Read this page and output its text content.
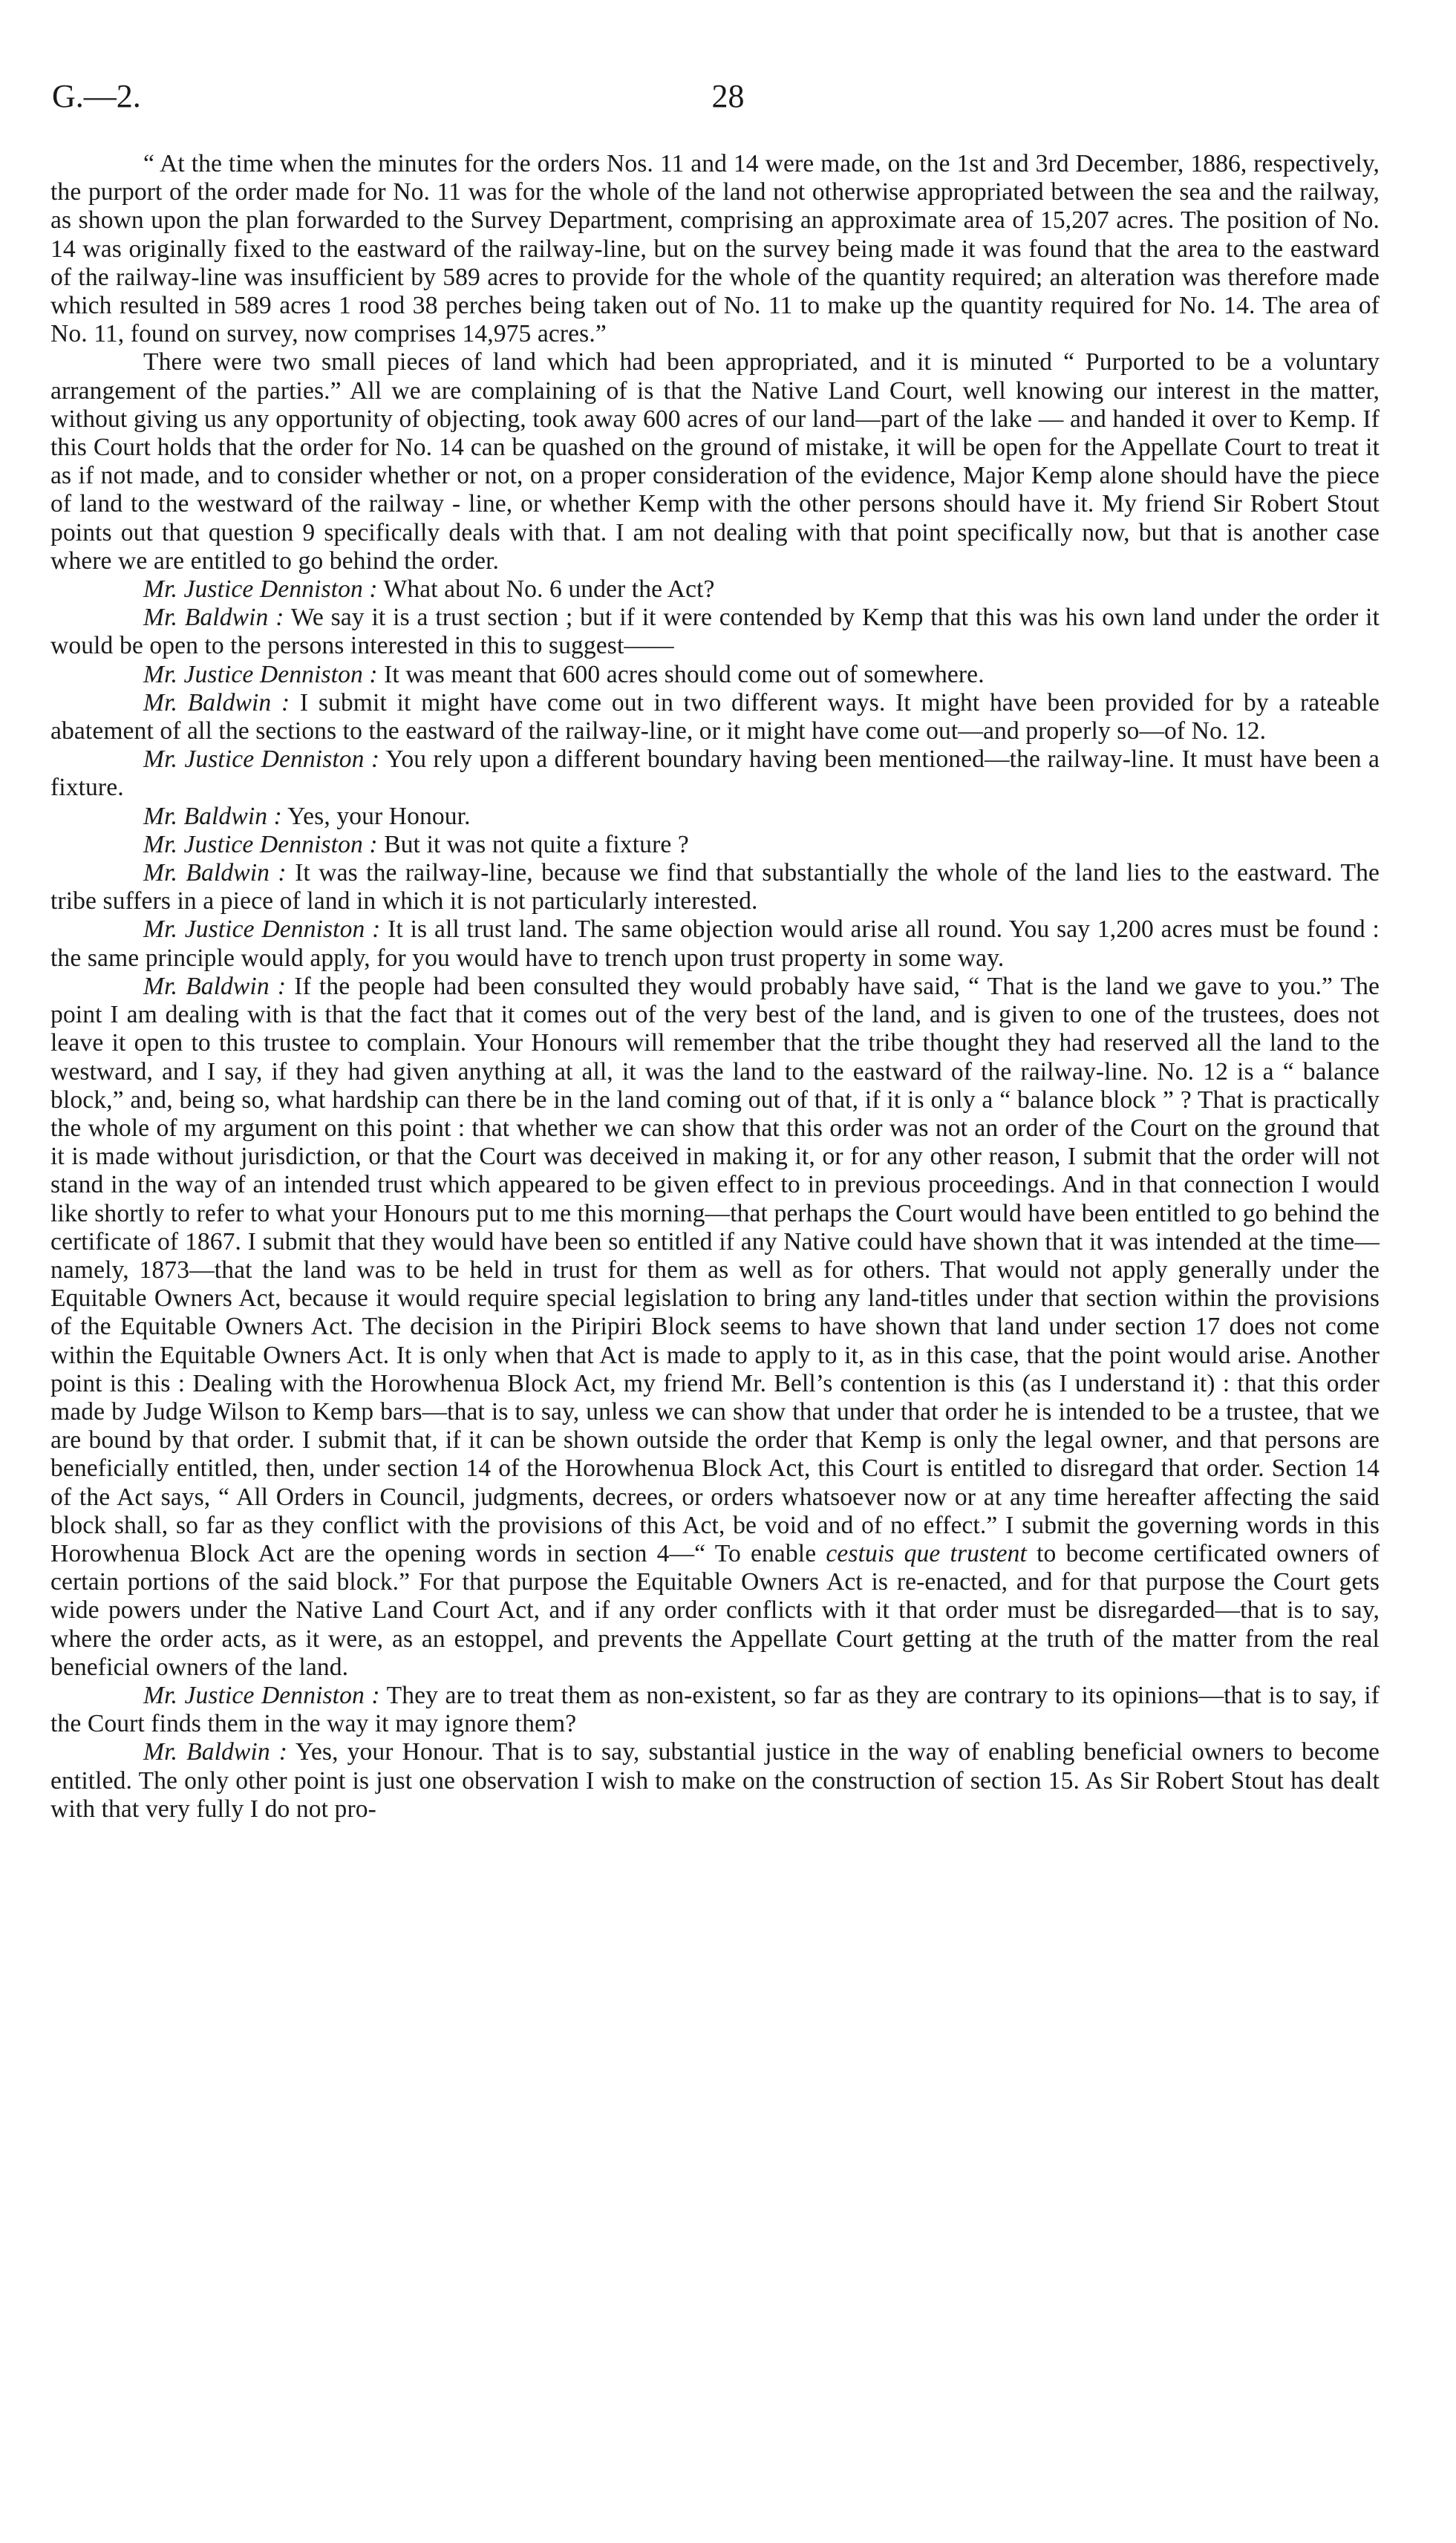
G.—2.	28

“ At the time when the minutes for the orders Nos. 11 and 14 were made, on the 1st and 3rd December, 1886, respectively, the purport of the order made for No. 11 was for the whole of the land not otherwise appropriated between the sea and the railway, as shown upon the plan forwarded to the Survey Department, comprising an approximate area of 15,207 acres. The position of No. 14 was originally fixed to the eastward of the railway-line, but on the survey being made it was found that the area to the eastward of the railway-line was insufficient by 589 acres to provide for the whole of the quantity required; an alteration was therefore made which resulted in 589 acres 1 rood 38 perches being taken out of No. 11 to make up the quantity required for No. 14. The area of No. 11, found on survey, now comprises 14,975 acres.”

There were two small pieces of land which had been appropriated, and it is minuted “ Purported to be a voluntary arrangement of the parties.” All we are complaining of is that the Native Land Court, well knowing our interest in the matter, without giving us any opportunity of objecting, took away 600 acres of our land—part of the lake — and handed it over to Kemp. If this Court holds that the order for No. 14 can be quashed on the ground of mistake, it will be open for the Appellate Court to treat it as if not made, and to consider whether or not, on a proper consideration of the evidence, Major Kemp alone should have the piece of land to the westward of the railway - line, or whether Kemp with the other persons should have it. My friend Sir Robert Stout points out that question 9 specifically deals with that. I am not dealing with that point specifically now, but that is another case where we are entitled to go behind the order.

Mr. Justice Denniston : What about No. 6 under the Act?

Mr. Baldwin : We say it is a trust section ; but if it were contended by Kemp that this was his own land under the order it would be open to the persons interested in this to suggest——

Mr. Justice Denniston : It was meant that 600 acres should come out of somewhere.

Mr. Baldwin : I submit it might have come out in two different ways. It might have been provided for by a rateable abatement of all the sections to the eastward of the railway-line, or it might have come out—and properly so—of No. 12.

Mr. Justice Denniston : You rely upon a different boundary having been mentioned—the railway-line. It must have been a fixture.

Mr. Baldwin : Yes, your Honour.

Mr. Justice Denniston : But it was not quite a fixture ?

Mr. Baldwin : It was the railway-line, because we find that substantially the whole of the land lies to the eastward. The tribe suffers in a piece of land in which it is not particularly interested.

Mr. Justice Denniston : It is all trust land. The same objection would arise all round. You say 1,200 acres must be found : the same principle would apply, for you would have to trench upon trust property in some way.

Mr. Baldwin : If the people had been consulted they would probably have said, “ That is the land we gave to you.” The point I am dealing with is that the fact that it comes out of the very best of the land, and is given to one of the trustees, does not leave it open to this trustee to complain. Your Honours will remember that the tribe thought they had reserved all the land to the westward, and I say, if they had given anything at all, it was the land to the eastward of the railway-line. No. 12 is a “ balance block,” and, being so, what hardship can there be in the land coming out of that, if it is only a “ balance block ” ? That is practically the whole of my argument on this point : that whether we can show that this order was not an order of the Court on the ground that it is made without jurisdiction, or that the Court was deceived in making it, or for any other reason, I submit that the order will not stand in the way of an intended trust which appeared to be given effect to in previous proceedings. And in that connection I would like shortly to refer to what your Honours put to me this morning—that perhaps the Court would have been entitled to go behind the certificate of 1867. I submit that they would have been so entitled if any Native could have shown that it was intended at the time—namely, 1873—that the land was to be held in trust for them as well as for others. That would not apply generally under the Equitable Owners Act, because it would require special legislation to bring any land-titles under that section within the provisions of the Equitable Owners Act. The decision in the Piripiri Block seems to have shown that land under section 17 does not come within the Equitable Owners Act. It is only when that Act is made to apply to it, as in this case, that the point would arise. Another point is this : Dealing with the Horowhenua Block Act, my friend Mr. Bell’s contention is this (as I understand it) : that this order made by Judge Wilson to Kemp bars—that is to say, unless we can show that under that order he is intended to be a trustee, that we are bound by that order. I submit that, if it can be shown outside the order that Kemp is only the legal owner, and that persons are beneficially entitled, then, under section 14 of the Horowhenua Block Act, this Court is entitled to disregard that order. Section 14 of the Act says, “ All Orders in Council, judgments, decrees, or orders whatsoever now or at any time hereafter affecting the said block shall, so far as they conflict with the provisions of this Act, be void and of no effect.” I submit the governing words in this Horowhenua Block Act are the opening words in section 4—“ To enable cestuis que trustent to become certificated owners of certain portions of the said block.” For that purpose the Equitable Owners Act is re-enacted, and for that purpose the Court gets wide powers under the Native Land Court Act, and if any order conflicts with it that order must be disregarded—that is to say, where the order acts, as it were, as an estoppel, and prevents the Appellate Court getting at the truth of the matter from the real beneficial owners of the land.

Mr. Justice Denniston : They are to treat them as non-existent, so far as they are contrary to its opinions—that is to say, if the Court finds them in the way it may ignore them?

Mr. Baldwin : Yes, your Honour. That is to say, substantial justice in the way of enabling beneficial owners to become entitled. The only other point is just one observation I wish to make on the construction of section 15. As Sir Robert Stout has dealt with that very fully I do not pro-
